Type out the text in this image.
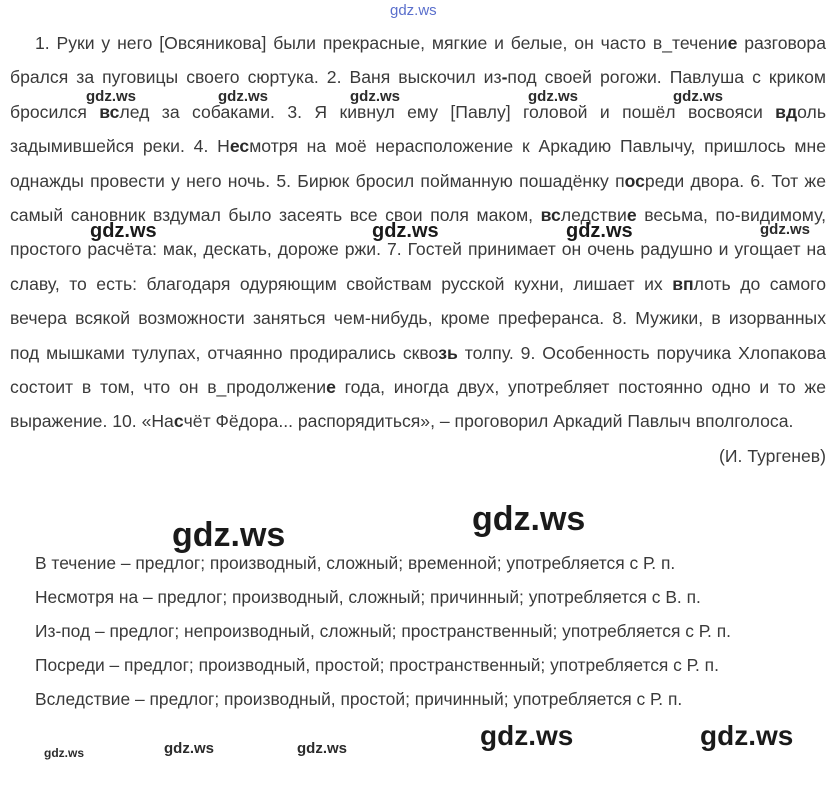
gdz.ws

1. Руки у него [Овсяникова] были прекрасные, мягкие и белые, он часто в_течение разговора брался за пуговицы своего сюртука. 2. Ваня выскочил из-под своей рогожи. Павлуша с криком бросился вслед за собаками. 3. Я кивнул ему [Павлу] головой и пошёл восвояси вдоль задымившейся реки. 4. Несмотря на моё нерасположение к Аркадию Павлычу, пришлось мне однажды провести у него ночь. 5. Бирюк бросил пойманную пошадёнку посреди двора. 6. Тот же самый сановник вздумал было засеять все свои поля маком, вследствие весьма, по-видимому, простого расчёта: мак, дескать, дороже ржи. 7. Гостей принимает он очень радушно и угощает на славу, то есть: благодаря одуряющим свойствам русской кухни, лишает их вплоть до самого вечера всякой возможности заняться чем-нибудь, кроме преферанса. 8. Мужики, в изорванных под мышками тулупах, отчаянно продирались сквозь толпу. 9. Особенность поручика Хлопакова состоит в том, что он в_продолжение года, иногда двух, употребляет постоянно одно и то же выражение. 10. «Насчёт Фёдора... распорядиться», – проговорил Аркадий Павлыч вполголоса.

(И. Тургенев)

В течение – предлог; производный, сложный; временной; употребляется с Р. п.

Несмотря на – предлог; производный, сложный; причинный; употребляется с В. п.

Из-под – предлог; непроизводный, сложный; пространственный; употребляется с Р. п.

Посреди – предлог; производный, простой; пространственный; употребляется с Р. п.

Вследствие – предлог; производный, простой; причинный; употребляется с Р. п.

gdz.ws	gdz.ws	gdz.ws	gdz.ws	gdz.ws
gdz.ws
gdz.ws	gdz.ws	gdz.ws
gdz.ws	gdz.ws	gdz.ws
gdz.ws	gdz.ws
gdz.ws	gdz.ws
